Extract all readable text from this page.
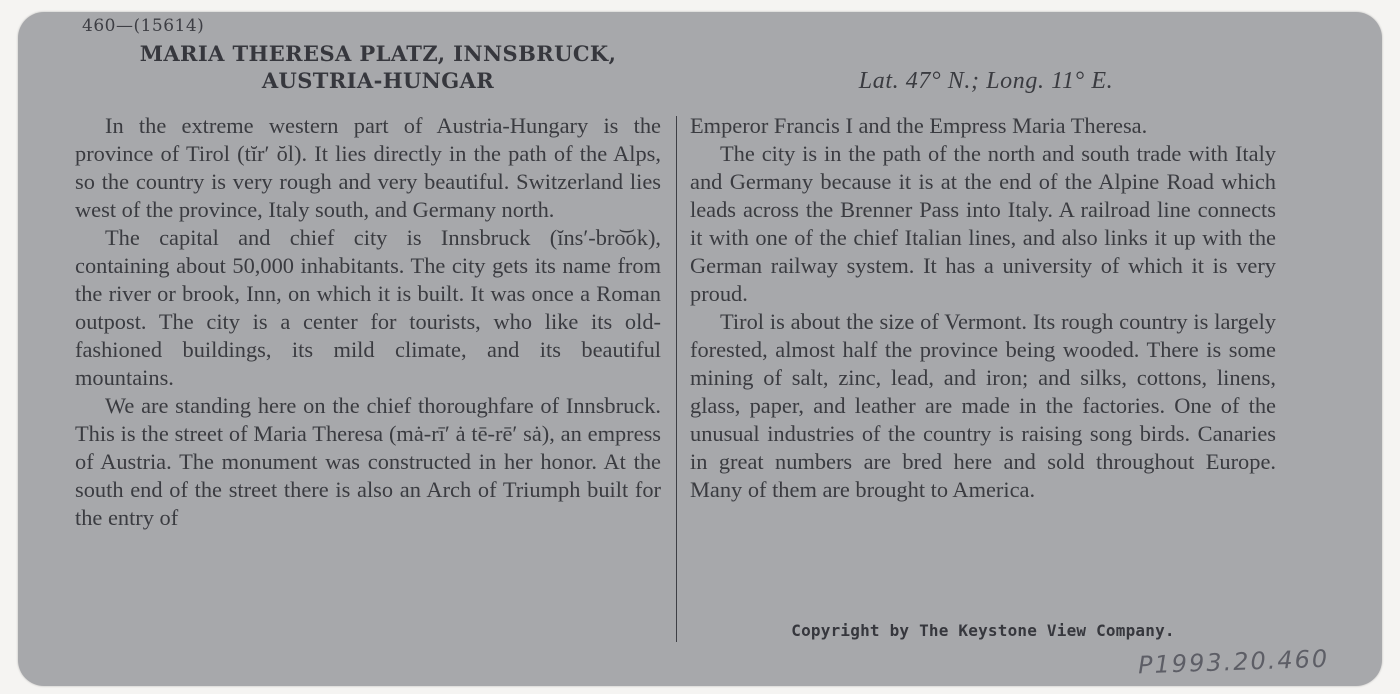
460—(15614)
MARIA THERESA PLATZ, INNSBRUCK,
AUSTRIA-HUNGAR	Lat. 47° N.; Long. 11° E.

In the extreme western part of Austria-Hungary is the province of Tirol (tĭr′ ŏl). It lies directly in the path of the Alps, so the country is very rough and very beautiful. Switzerland lies west of the province, Italy south, and Germany north.

The capital and chief city is Innsbruck (ĭns′-bro͝ok), containing about 50,000 inhabitants. The city gets its name from the river or brook, Inn, on which it is built. It was once a Roman outpost. The city is a center for tourists, who like its old-fashioned buildings, its mild climate, and its beautiful mountains.

We are standing here on the chief thoroughfare of Innsbruck. This is the street of Maria Theresa (mȧ-rī′ ȧ tē-rē′ sȧ), an empress of Austria. The monument was constructed in her honor. At the south end of the street there is also an Arch of Triumph built for the entry of

Emperor Francis I and the Empress Maria Theresa.

The city is in the path of the north and south trade with Italy and Germany because it is at the end of the Alpine Road which leads across the Brenner Pass into Italy. A railroad line connects it with one of the chief Italian lines, and also links it up with the German railway system. It has a university of which it is very proud.

Tirol is about the size of Vermont. Its rough country is largely forested, almost half the province being wooded. There is some mining of salt, zinc, lead, and iron; and silks, cottons, linens, glass, paper, and leather are made in the factories. One of the unusual industries of the country is raising song birds. Canaries in great numbers are bred here and sold throughout Europe. Many of them are brought to America.

Copyright by The Keystone View Company.
P1993.20.460
